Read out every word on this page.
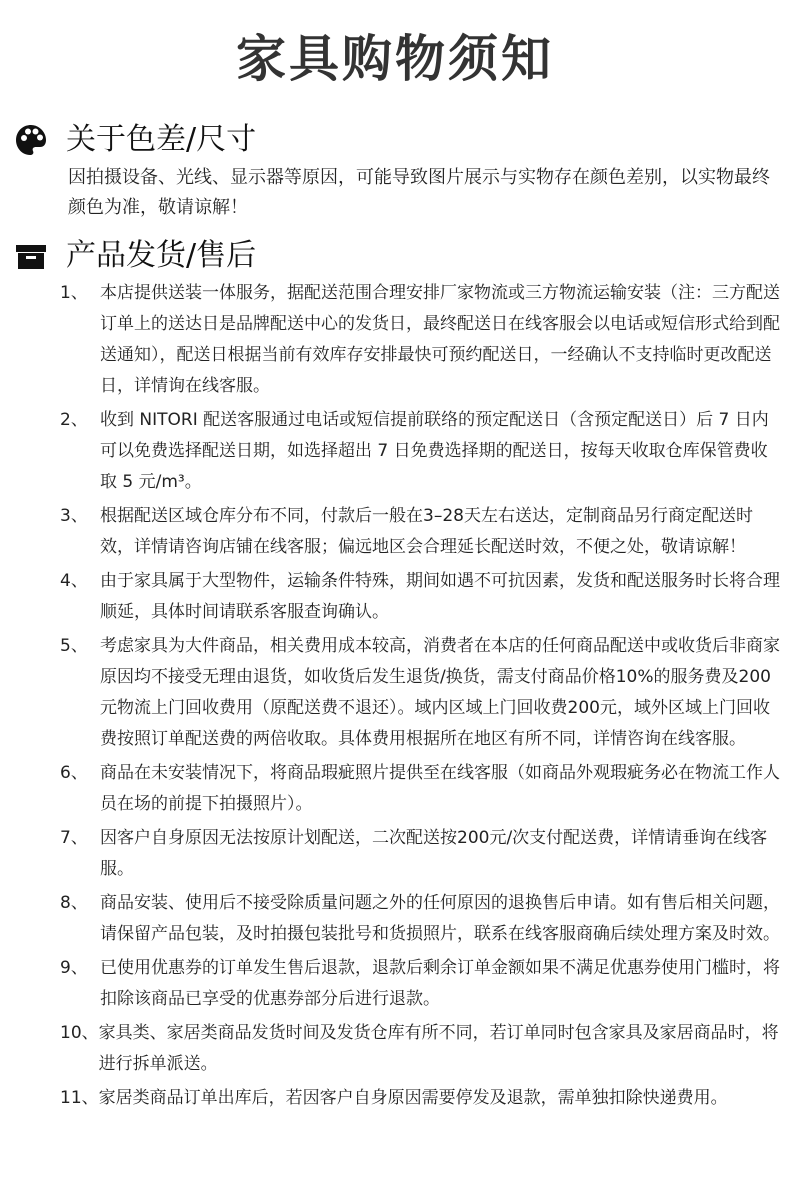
家具购物须知
关于色差/尺寸

因拍摄设备、光线、显示器等原因，可能导致图片展示与实物存在颜色差别，以实物最终颜色为准，敬请谅解！

产品发货/售后
1、 本店提供送装一体服务，据配送范围合理安排厂家物流或三方物流运输安装（注：三方配送订单上的送达日是品牌配送中心的发货日，最终配送日在线客服会以电话或短信形式给到配送通知），配送日根据当前有效库存安排最快可预约配送日，一经确认不支持临时更改配送日，详情询在线客服。
2、 收到 NITORI 配送客服通过电话或短信提前联络的预定配送日（含预定配送日）后 7 日内可以免费选择配送日期，如选择超出 7 日免费选择期的配送日，按每天收取仓库保管费收取 5 元/m³。
3、 根据配送区域仓库分布不同，付款后一般在3–28天左右送达，定制商品另行商定配送时效，详情请咨询店铺在线客服；偏远地区会合理延长配送时效，不便之处，敬请谅解！
4、 由于家具属于大型物件，运输条件特殊，期间如遇不可抗因素，发货和配送服务时长将合理顺延，具体时间请联系客服查询确认。
5、 考虑家具为大件商品，相关费用成本较高，消费者在本店的任何商品配送中或收货后非商家原因均不接受无理由退货，如收货后发生退货/换货，需支付商品价格10%的服务费及200元物流上门回收费用（原配送费不退还）。域内区域上门回收费200元，域外区域上门回收费按照订单配送费的两倍收取。具体费用根据所在地区有所不同，详情咨询在线客服。
6、 商品在未安装情况下，将商品瑕疵照片提供至在线客服（如商品外观瑕疵务必在物流工作人员在场的前提下拍摄照片）。
7、 因客户自身原因无法按原计划配送，二次配送按200元/次支付配送费，详情请垂询在线客服。
8、 商品安装、使用后不接受除质量问题之外的任何原因的退换售后申请。如有售后相关问题，请保留产品包装，及时拍摄包装批号和货损照片，联系在线客服商确后续处理方案及时效。
9、 已使用优惠券的订单发生售后退款，退款后剩余订单金额如果不满足优惠券使用门槛时，将扣除该商品已享受的优惠券部分后进行退款。
10、 家具类、家居类商品发货时间及发货仓库有所不同，若订单同时包含家具及家居商品时，将进行拆单派送。
11、 家居类商品订单出库后，若因客户自身原因需要停发及退款，需单独扣除快递费用。
